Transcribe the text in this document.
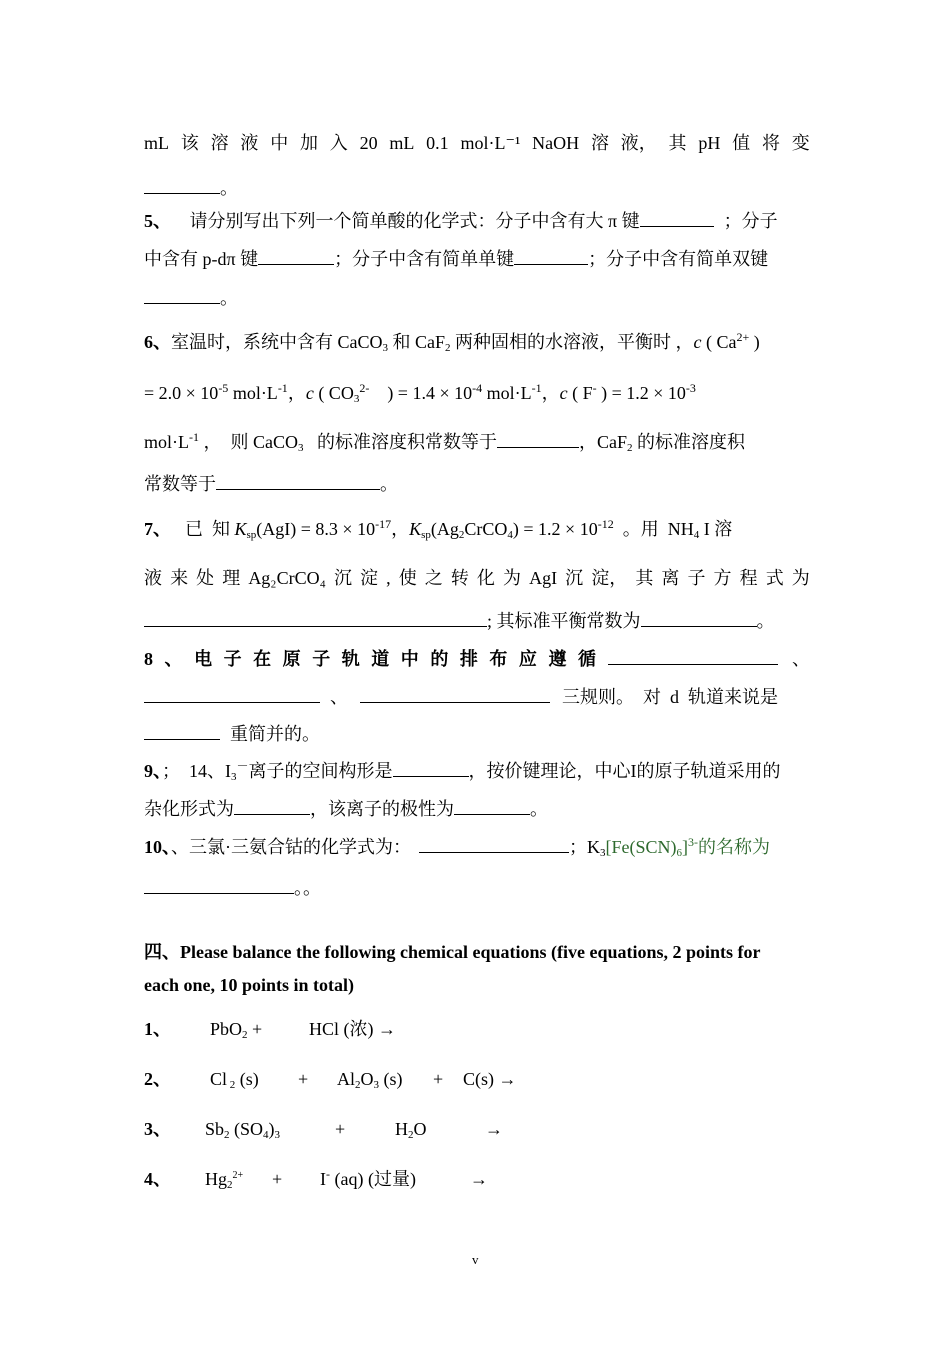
mL 该 溶 液 中 加 入 20 mL 0.1 mol·L⁻¹ NaOH 溶 液， 其 pH 值 将 变
。
5、 请分别写出下列一个简单酸的化学式：分子中含有大 π 键	；分子
中含有 p-dπ 键	；分子中含有简单单键	；分子中含有简单双键
。
6、室温时，系统中含有 CaCO$_3$ 和 CaF$_2$ 两种固相的水溶液，平衡时 ，c ( $Ca^{2+}$ )
= $2.0 \times 10^{-5}$ $mol\cdot L^{-1}$，c ( $CO_3^{2-}$    ) = $1.4 \times 10^{-4}$ $mol\cdot L^{-1}$，c ( F- ) = $1.2 \times 10^{-3}$
$mol\cdot L^{-1}$ ，  则 CaCO$_3$   的标准溶度积常数等于	，CaF$_2$ 的标准溶度积
常数等于	。
7、 已  知 $K_{sp}(AgI) = 8.3 \times 10^{-17}$，$K_{sp}(Ag_2CrCO_4) = 1.2 \times 10^{-12}$  。用  $NH_4$ I 溶
液 来 处 理 Ag₂CrCO₄ 沉 淀 , 使 之 转 化 为 AgI 沉 淀， 其 离 子 方 程 式 为
; 其标准平衡常数为	。
8 、 电 子 在 原 子 轨 道 中 的 排 布 应 遵 循	、
、	三规则。  对  d  轨道来说是
重简并的。
9、；  14、$I_3^-$离子的空间构形是	，按价键理论，中心I的原子轨道采用的
杂化形式为	，该离子的极性为	。
10、、三氯·三氨合钴的化学式为：	；$K_3[Fe(SCN)_6]^{3-}$的名称为
。。
四、Please balance the following chemical equations (five equations, 2 points for
each one, 10 points in total)
1、 PbO$_2$ +	HCl (浓) →
2、 Cl $_2$ $(s) + Al_2O_3$ (s) + C(s) →
3、 $Sb_2$ $(SO_4)_3$	+	$H_2O$	→
4、 $Hg_2^{2+} + I^-$ (aq) (过量)	→
v
